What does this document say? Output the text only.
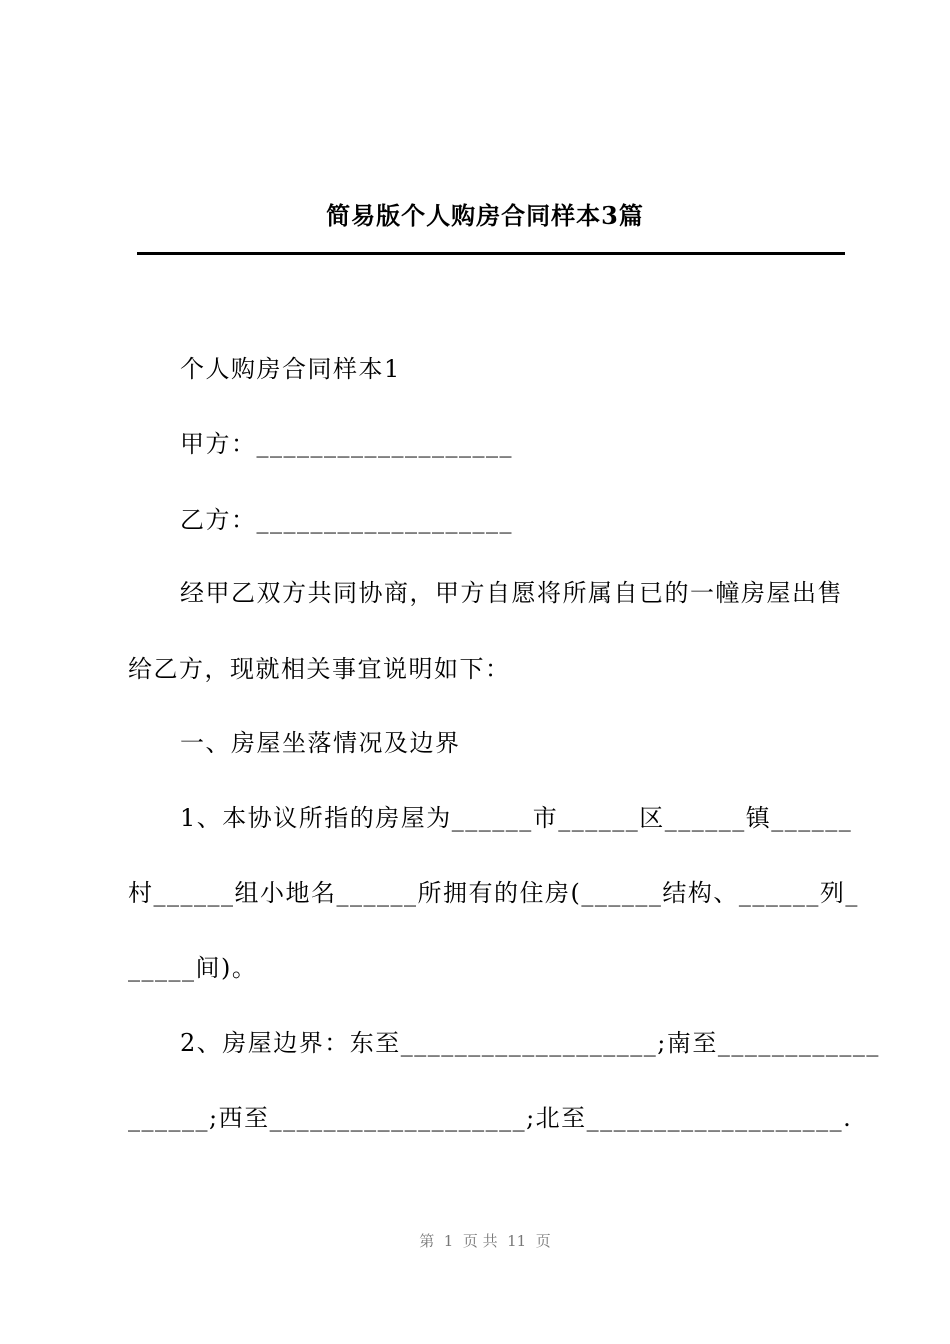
简易版个人购房合同样本3篇
个人购房合同样本1
甲方：___________________
乙方：___________________
经甲乙双方共同协商，甲方自愿将所属自已的一幢房屋出售
给乙方，现就相关事宜说明如下：
一、房屋坐落情况及边界
1、本协议所指的房屋为______市______区______镇______
村______组小地名______所拥有的住房(______结构、______列_
_____间)。
2、房屋边界：东至___________________;南至____________
______;西至___________________;北至___________________.
第  1  页 共  11  页
